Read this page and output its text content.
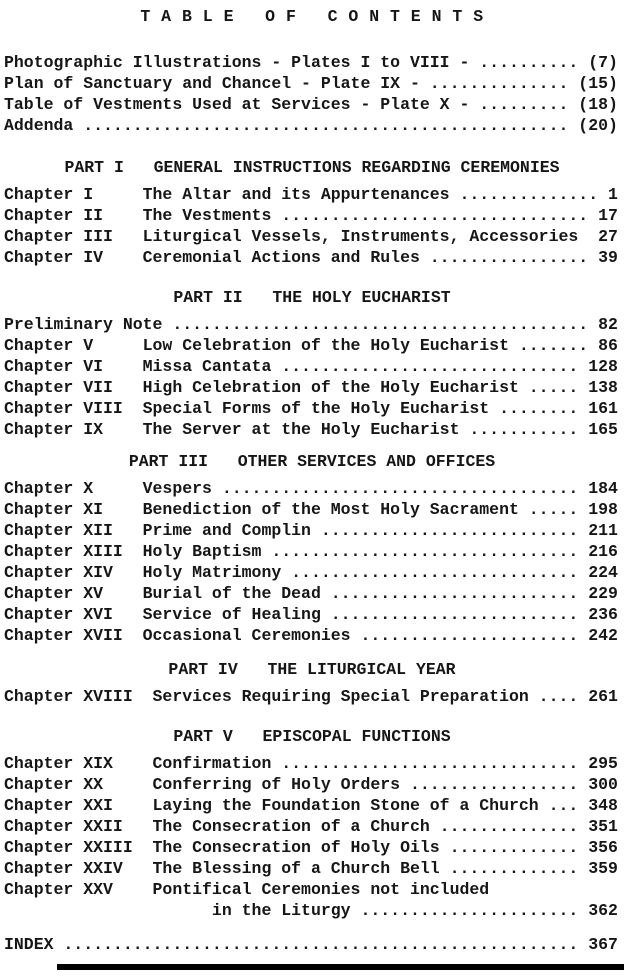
T A B L E   O F   C O N T E N T S
Photographic Illustrations - Plates I to VIII - .......... (7)
Plan of Sanctuary and Chancel - Plate IX - .............. (15)
Table of Vestments Used at Services - Plate X - ......... (18)
Addenda ................................................. (20)
PART I   GENERAL INSTRUCTIONS REGARDING CEREMONIES
Chapter I     The Altar and its Appurtenances .............. 1
Chapter II    The Vestments ............................... 17
Chapter III   Liturgical Vessels, Instruments, Accessories  27
Chapter IV    Ceremonial Actions and Rules ................ 39
PART II   THE HOLY EUCHARIST
Preliminary Note .......................................... 82
Chapter V     Low Celebration of the Holy Eucharist ....... 86
Chapter VI    Missa Cantata .............................. 128
Chapter VII   High Celebration of the Holy Eucharist ..... 138
Chapter VIII  Special Forms of the Holy Eucharist ........ 161
Chapter IX    The Server at the Holy Eucharist ........... 165
PART III   OTHER SERVICES AND OFFICES
Chapter X     Vespers .................................... 184
Chapter XI    Benediction of the Most Holy Sacrament ..... 198
Chapter XII   Prime and Complin .......................... 211
Chapter XIII  Holy Baptism ............................... 216
Chapter XIV   Holy Matrimony ............................. 224
Chapter XV    Burial of the Dead ......................... 229
Chapter XVI   Service of Healing ......................... 236
Chapter XVII  Occasional Ceremonies ...................... 242
PART IV   THE LITURGICAL YEAR
Chapter XVIII  Services Requiring Special Preparation .... 261
PART V   EPISCOPAL FUNCTIONS
Chapter XIX    Confirmation .............................. 295
Chapter XX     Conferring of Holy Orders ................. 300
Chapter XXI    Laying the Foundation Stone of a Church ... 348
Chapter XXII   The Consecration of a Church .............. 351
Chapter XXIII  The Consecration of Holy Oils ............. 356
Chapter XXIV   The Blessing of a Church Bell ............. 359
Chapter XXV    Pontifical Ceremonies not included
in the Liturgy ...................... 362
INDEX .................................................... 367
